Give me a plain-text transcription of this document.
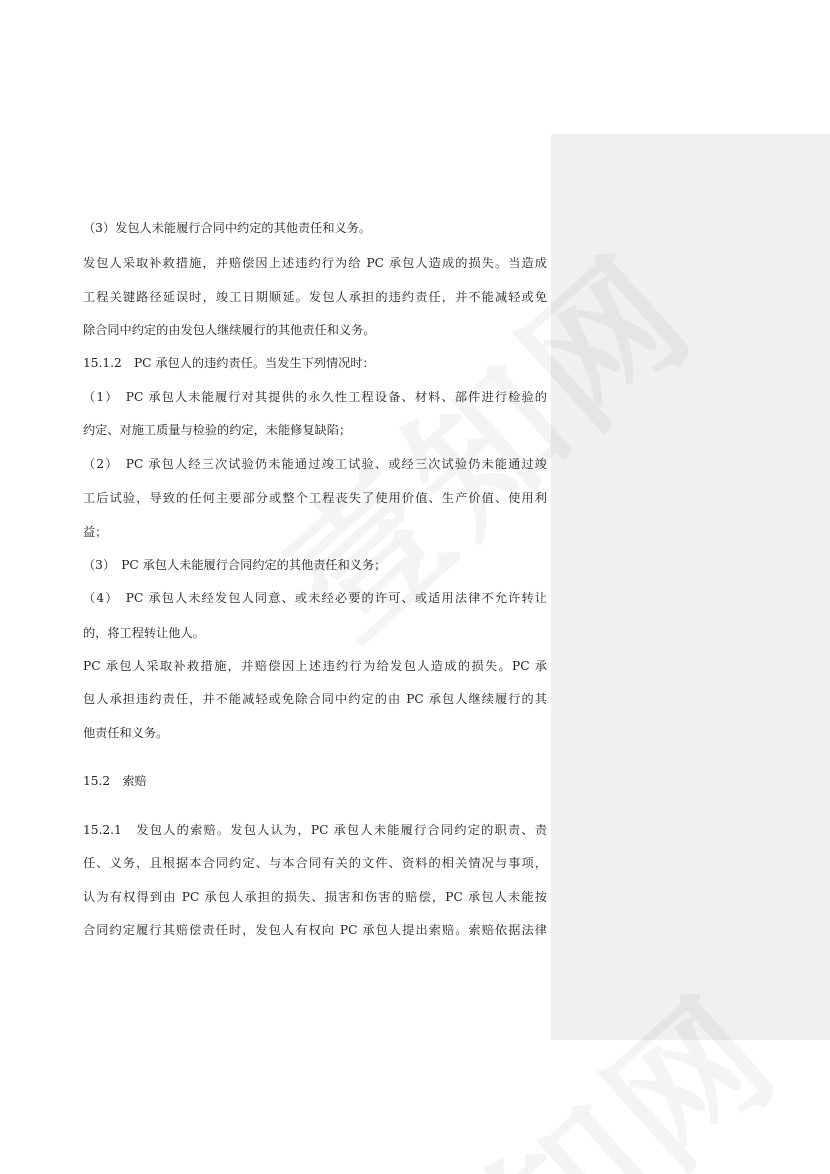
（3）发包人未能履行合同中约定的其他责任和义务。
发包人采取补救措施，并赔偿因上述违约行为给 PC 承包人造成的损失。当造成
工程关键路径延误时，竣工日期顺延。发包人承担的违约责任，并不能减轻或免
除合同中约定的由发包人继续履行的其他责任和义务。
15.1.2　PC 承包人的违约责任。当发生下列情况时：
（1）　PC 承包人未能履行对其提供的永久性工程设备、材料、部件进行检验的
约定、对施工质量与检验的约定，未能修复缺陷；
（2）　PC 承包人经三次试验仍未能通过竣工试验、或经三次试验仍未能通过竣
工后试验，导致的任何主要部分或整个工程丧失了使用价值、生产价值、使用利
益；
（3）　PC 承包人未能履行合同约定的其他责任和义务；
（4）　PC 承包人未经发包人同意、或未经必要的许可、或适用法律不允许转让
的，将工程转让他人。
PC 承包人采取补救措施，并赔偿因上述违约行为给发包人造成的损失。PC 承
包人承担违约责任，并不能减轻或免除合同中约定的由 PC 承包人继续履行的其
他责任和义务。
15.2　索赔
15.2.1　发包人的索赔。发包人认为，PC 承包人未能履行合同约定的职责、责
任、义务，且根据本合同约定、与本合同有关的文件、资料的相关情况与事项，
认为有权得到由 PC 承包人承担的损失、损害和伤害的赔偿，PC 承包人未能按
合同约定履行其赔偿责任时，发包人有权向 PC 承包人提出索赔。索赔依据法律
